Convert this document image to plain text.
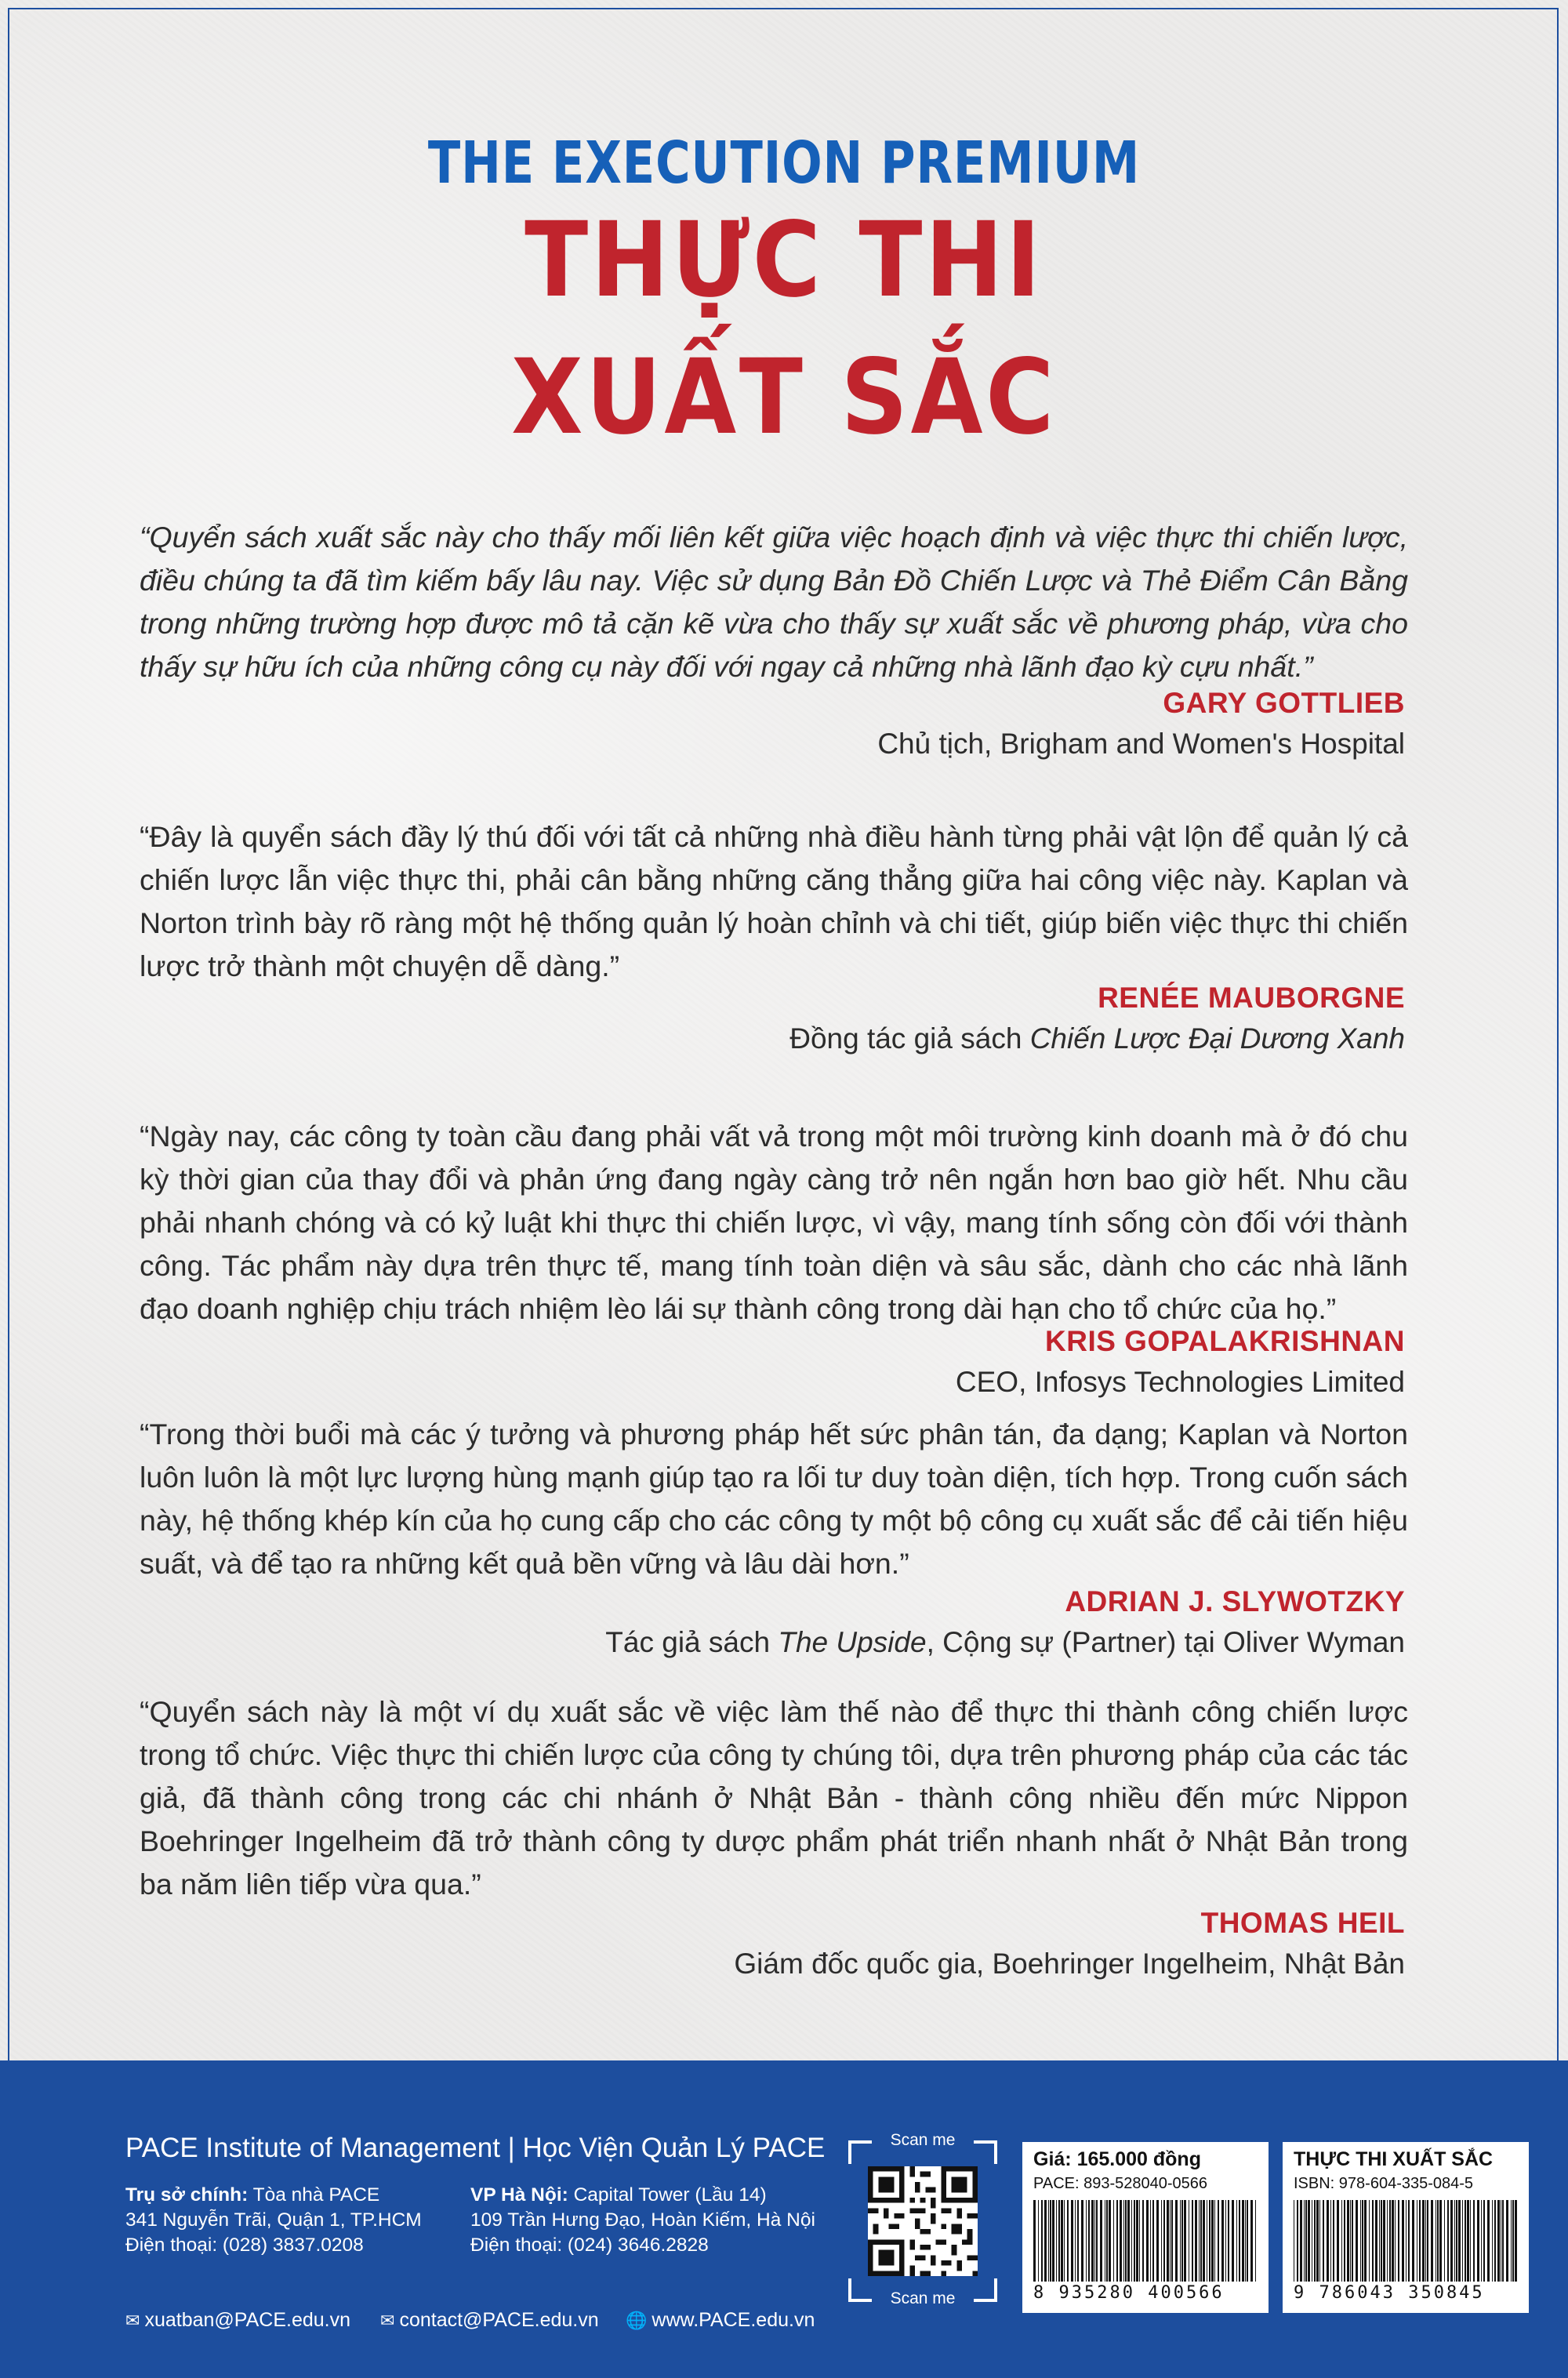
THE EXECUTION PREMIUM
THỰC THI
XUẤT SẮC
“Quyển sách xuất sắc này cho thấy mối liên kết giữa việc hoạch định và việc thực thi chiến lược, điều chúng ta đã tìm kiếm bấy lâu nay. Việc sử dụng Bản Đồ Chiến Lược và Thẻ Điểm Cân Bằng trong những trường hợp được mô tả cặn kẽ vừa cho thấy sự xuất sắc về phương pháp, vừa cho thấy sự hữu ích của những công cụ này đối với ngay cả những nhà lãnh đạo kỳ cựu nhất.”
GARY GOTTLIEB
Chủ tịch, Brigham and Women's Hospital
“Đây là quyển sách đầy lý thú đối với tất cả những nhà điều hành từng phải vật lộn để quản lý cả chiến lược lẫn việc thực thi, phải cân bằng những căng thẳng giữa hai công việc này. Kaplan và Norton trình bày rõ ràng một hệ thống quản lý hoàn chỉnh và chi tiết, giúp biến việc thực thi chiến lược trở thành một chuyện dễ dàng.”
RENÉE MAUBORGNE
Đồng tác giả sách Chiến Lược Đại Dương Xanh
“Ngày nay, các công ty toàn cầu đang phải vất vả trong một môi trường kinh doanh mà ở đó chu kỳ thời gian của thay đổi và phản ứng đang ngày càng trở nên ngắn hơn bao giờ hết. Nhu cầu phải nhanh chóng và có kỷ luật khi thực thi chiến lược, vì vậy, mang tính sống còn đối với thành công. Tác phẩm này dựa trên thực tế, mang tính toàn diện và sâu sắc, dành cho các nhà lãnh đạo doanh nghiệp chịu trách nhiệm lèo lái sự thành công trong dài hạn cho tổ chức của họ.”
KRIS GOPALAKRISHNAN
CEO, Infosys Technologies Limited
“Trong thời buổi mà các ý tưởng và phương pháp hết sức phân tán, đa dạng; Kaplan và Norton luôn luôn là một lực lượng hùng mạnh giúp tạo ra lối tư duy toàn diện, tích hợp. Trong cuốn sách này, hệ thống khép kín của họ cung cấp cho các công ty một bộ công cụ xuất sắc để cải tiến hiệu suất, và để tạo ra những kết quả bền vững và lâu dài hơn.”
ADRIAN J. SLYWOTZKY
Tác giả sách The Upside, Cộng sự (Partner) tại Oliver Wyman
“Quyển sách này là một ví dụ xuất sắc về việc làm thế nào để thực thi thành công chiến lược trong tổ chức. Việc thực thi chiến lược của công ty chúng tôi, dựa trên phương pháp của các tác giả, đã thành công trong các chi nhánh ở Nhật Bản - thành công nhiều đến mức Nippon Boehringer Ingelheim đã trở thành công ty dược phẩm phát triển nhanh nhất ở Nhật Bản trong ba năm liên tiếp vừa qua.”
THOMAS HEIL
Giám đốc quốc gia, Boehringer Ingelheim, Nhật Bản
PACE Institute of Management | Học Viện Quản Lý PACE
Trụ sở chính: Tòa nhà PACE
341 Nguyễn Trãi, Quận 1, TP.HCM
Điện thoại: (028) 3837.0208
VP Hà Nội: Capital Tower (Lầu 14)
109 Trần Hưng Đạo, Hoàn Kiếm, Hà Nội
Điện thoại: (024) 3646.2828
✉ xuatban@PACE.edu.vn ✉ contact@PACE.edu.vn 🌐 www.PACE.edu.vn
Scan me
Scan me
Giá: 165.000 đồng
PACE: 893-528040-0566
8 935280 400566
THỰC THI XUẤT SẮC
ISBN: 978-604-335-084-5
9 786043 350845
